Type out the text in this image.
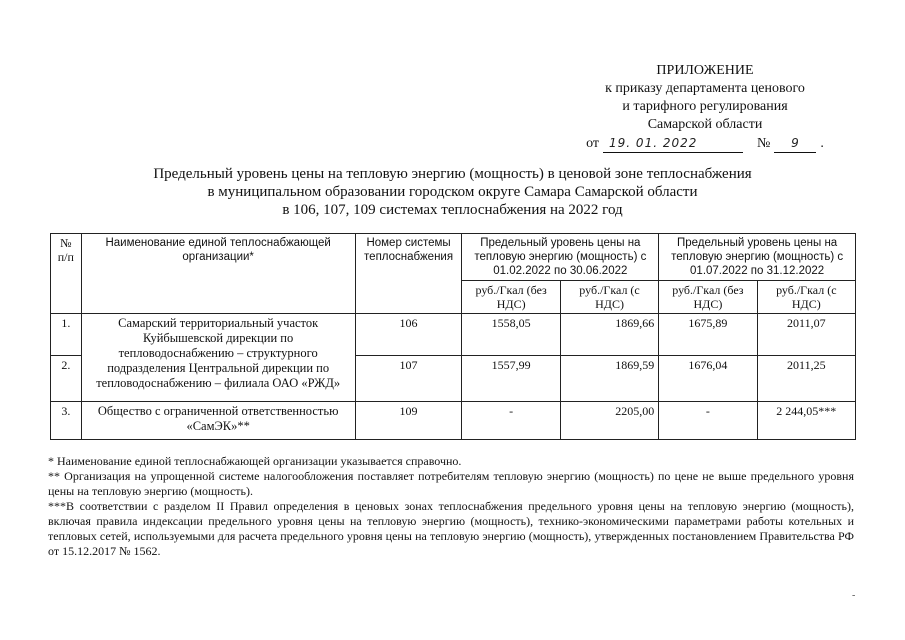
ПРИЛОЖЕНИЕ
к приказу департамента ценового
и тарифного регулирования
Самарской области
от 19. 01. 2022	№	9	.
Предельный уровень цены на тепловую энергию (мощность) в ценовой зоне теплоснабжения
в муниципальном образовании городском округе Самара Самарской области
в 106, 107, 109 системах теплоснабжения на 2022 год
№ п/п	Наименование единой теплоснабжающей организации*	Номер системы теплоснабжения	Предельный уровень цены на тепловую энергию (мощность) с 01.02.2022 по 30.06.2022		Предельный уровень цены на тепловую энергию (мощность) с 01.07.2022 по 31.12.2022	
			руб./Гкал (без НДС)	руб./Гкал (с НДС)	руб./Гкал (без НДС)	руб./Гкал (с НДС)
1.	Самарский территориальный участок Куйбышевской дирекции по тепловодоснабжению – структурного подразделения Центральной дирекции по тепловодоснабжению – филиала ОАО «РЖД»	106	1558,05	1869,66	1675,89	2011,07
2.		107	1557,99	1869,59	1676,04	2011,25
3.	Общество с ограниченной ответственностью «СамЭК»**	109	-	2205,00	-	2 244,05***

* Наименование единой теплоснабжающей организации указывается справочно.

** Организация на упрощенной системе налогообложения поставляет потребителям тепловую энергию (мощность) по цене не выше предельного уровня цены на тепловую энергию (мощность).

***В соответствии с разделом II Правил определения в ценовых зонах теплоснабжения предельного уровня цены на тепловую энергию (мощность), включая правила индексации предельного уровня цены на тепловую энергию (мощность), технико-экономическими параметрами работы котельных и тепловых сетей, используемыми для расчета предельного уровня цены на тепловую энергию (мощность), утвержденных постановлением Правительства РФ от 15.12.2017 № 1562.

-
